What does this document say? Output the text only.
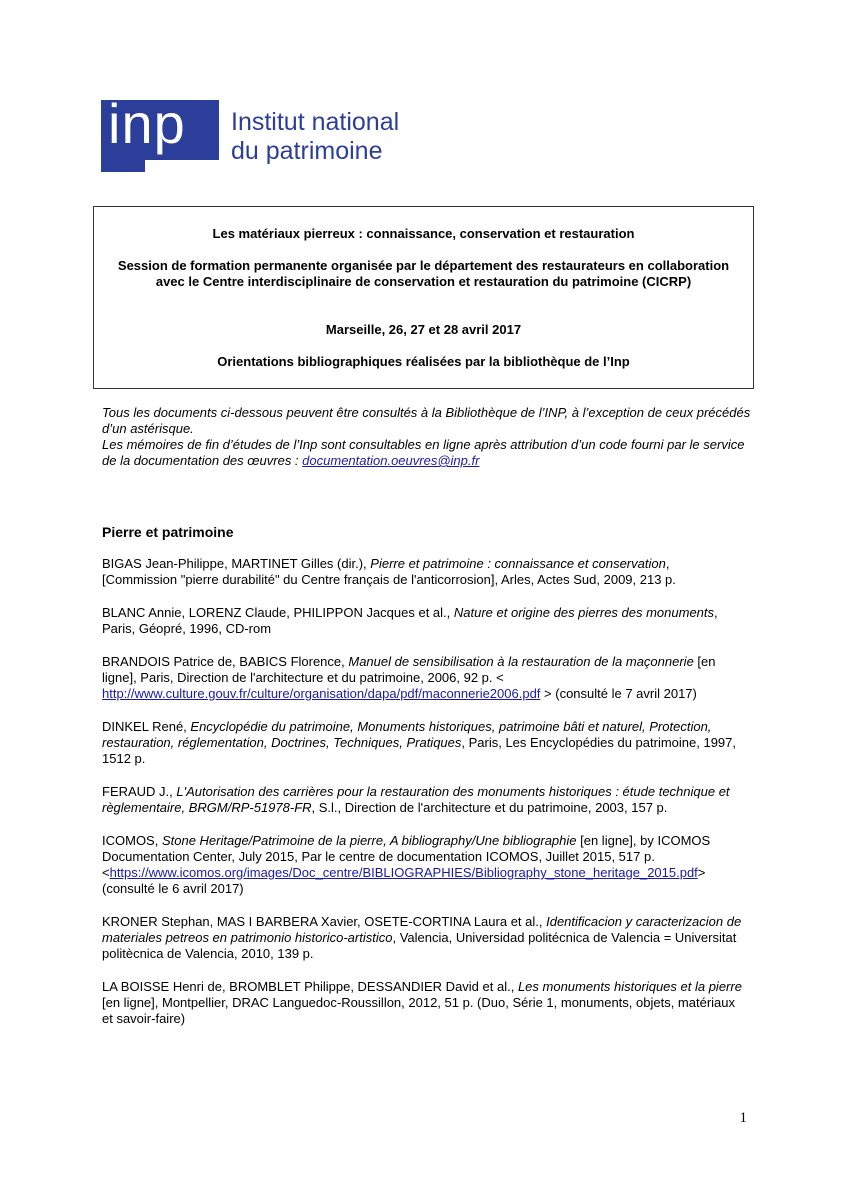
inp Institut national
du patrimoine

Les matériaux pierreux : connaissance, conservation et restauration

Session de formation permanente organisée par le département des restaurateurs en collaboration avec le Centre interdisciplinaire de conservation et restauration du patrimoine (CICRP)

Marseille, 26, 27 et 28 avril 2017

Orientations bibliographiques réalisées par la bibliothèque de l’Inp

Tous les documents ci-dessous peuvent être consultés à la Bibliothèque de l’INP, à l’exception de ceux précédés d’un astérisque.

Les mémoires de fin d’études de l’Inp sont consultables en ligne après attribution d’un code fourni par le service de la documentation des œuvres : documentation.oeuvres@inp.fr

Pierre et patrimoine

BIGAS Jean-Philippe, MARTINET Gilles (dir.), Pierre et patrimoine : connaissance et conservation, [Commission "pierre durabilité" du Centre français de l'anticorrosion], Arles, Actes Sud, 2009, 213 p.

BLANC Annie, LORENZ Claude, PHILIPPON Jacques et al., Nature et origine des pierres des monuments, Paris, Géopré, 1996, CD-rom

BRANDOIS Patrice de, BABICS Florence, Manuel de sensibilisation à la restauration de la maçonnerie [en ligne], Paris, Direction de l'architecture et du patrimoine, 2006, 92 p. < http://www.culture.gouv.fr/culture/organisation/dapa/pdf/maconnerie2006.pdf > (consulté le 7 avril 2017)

DINKEL René, Encyclopédie du patrimoine, Monuments historiques, patrimoine bâti et naturel, Protection, restauration, réglementation, Doctrines, Techniques, Pratiques, Paris, Les Encyclopédies du patrimoine, 1997, 1512 p.

FERAUD J., L'Autorisation des carrières pour la restauration des monuments historiques : étude technique et règlementaire, BRGM/RP-51978-FR, S.l., Direction de l'architecture et du patrimoine, 2003, 157 p.

ICOMOS, Stone Heritage/Patrimoine de la pierre, A bibliography/Une bibliographie [en ligne], by ICOMOS Documentation Center, July 2015, Par le centre de documentation ICOMOS, Juillet 2015, 517 p. <https://www.icomos.org/images/Doc_centre/BIBLIOGRAPHIES/Bibliography_stone_heritage_2015.pdf>(consulté le 6 avril 2017)

KRONER Stephan, MAS I BARBERA Xavier, OSETE-CORTINA Laura et al., Identificacion y caracterizacion de materiales petreos en patrimonio historico-artistico, Valencia, Universidad politécnica de Valencia = Universitat politècnica de Valencia, 2010, 139 p.

LA BOISSE Henri de, BROMBLET Philippe, DESSANDIER David et al., Les monuments historiques et la pierre [en ligne], Montpellier, DRAC Languedoc-Roussillon, 2012, 51 p. (Duo, Série 1, monuments, objets, matériaux et savoir-faire)

1
